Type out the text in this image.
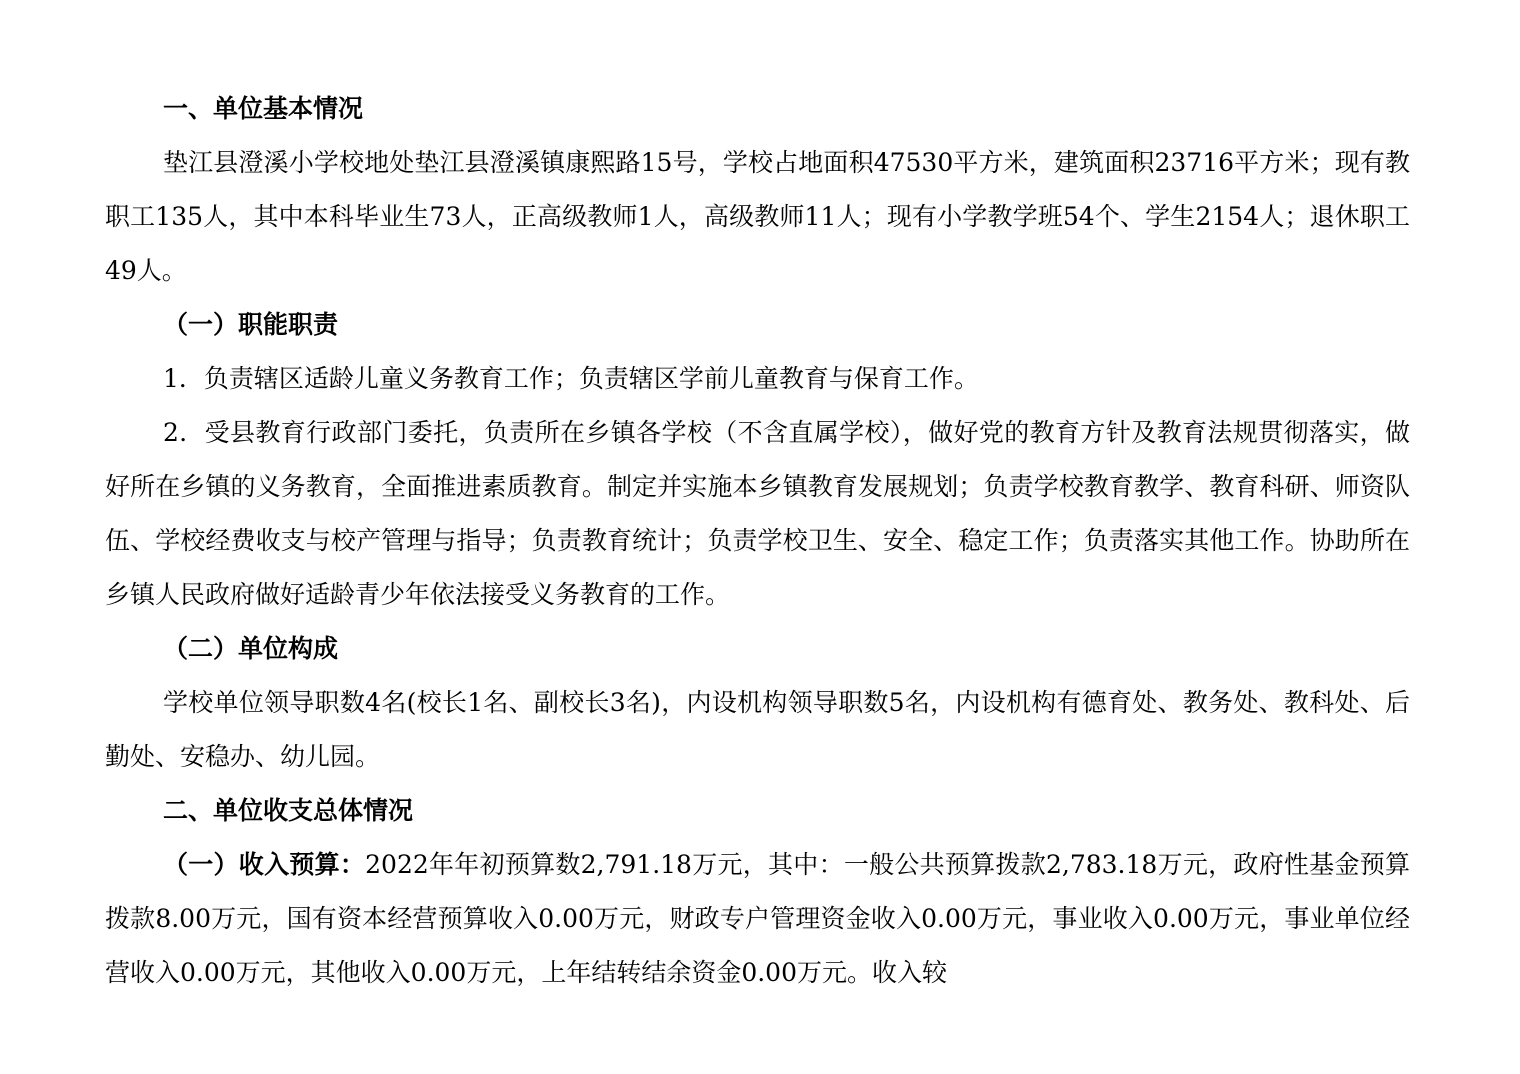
一、单位基本情况

垫江县澄溪小学校地处垫江县澄溪镇康熙路15号，学校占地面积47530平方米，建筑面积23716平方米；现有教职工135人，其中本科毕业生73人，正高级教师1人，高级教师11人；现有小学教学班54个、学生2154人；退休职工49人。

（一）职能职责

1．负责辖区适龄儿童义务教育工作；负责辖区学前儿童教育与保育工作。

2．受县教育行政部门委托，负责所在乡镇各学校（不含直属学校），做好党的教育方针及教育法规贯彻落实，做好所在乡镇的义务教育，全面推进素质教育。制定并实施本乡镇教育发展规划；负责学校教育教学、教育科研、师资队伍、学校经费收支与校产管理与指导；负责教育统计；负责学校卫生、安全、稳定工作；负责落实其他工作。协助所在乡镇人民政府做好适龄青少年依法接受义务教育的工作。

（二）单位构成

学校单位领导职数4名(校长1名、副校长3名)，内设机构领导职数5名，内设机构有德育处、教务处、教科处、后勤处、安稳办、幼儿园。

二、单位收支总体情况

（一）收入预算：2022年年初预算数2,791.18万元，其中：一般公共预算拨款2,783.18万元，政府性基金预算拨款8.00万元，国有资本经营预算收入0.00万元，财政专户管理资金收入0.00万元，事业收入0.00万元，事业单位经营收入0.00万元，其他收入0.00万元，上年结转结余资金0.00万元。收入较
